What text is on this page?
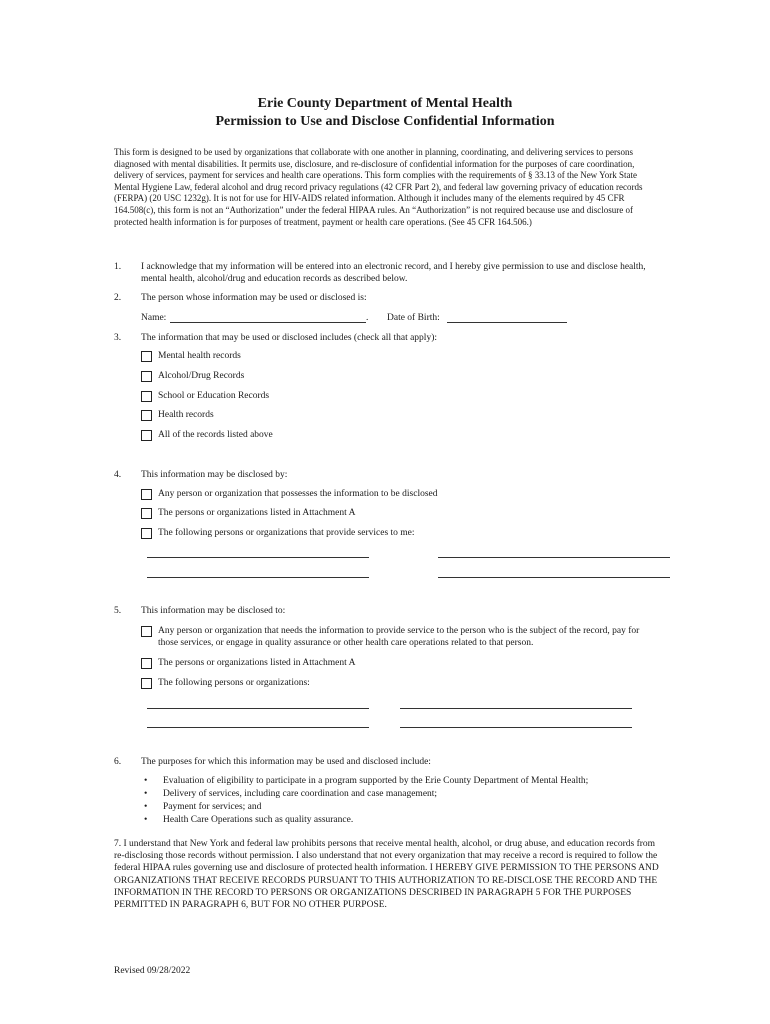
Erie County Department of Mental Health
Permission to Use and Disclose Confidential Information
This form is designed to be used by organizations that collaborate with one another in planning, coordinating, and delivering services to persons diagnosed with mental disabilities. It permits use, disclosure, and re-disclosure of confidential information for the purposes of care coordination, delivery of services, payment for services and health care operations. This form complies with the requirements of § 33.13 of the New York State Mental Hygiene Law, federal alcohol and drug record privacy regulations (42 CFR Part 2), and federal law governing privacy of education records (FERPA) (20 USC 1232g). It is not for use for HIV-AIDS related information. Although it includes many of the elements required by 45 CFR 164.508(c), this form is not an “Authorization” under the federal HIPAA rules. An “Authorization” is not required because use and disclosure of protected health information is for purposes of treatment, payment or health care operations. (See 45 CFR 164.506.)
1. I acknowledge that my information will be entered into an electronic record, and I hereby give permission to use and disclose health, mental health, alcohol/drug and education records as described below.
2. The person whose information may be used or disclosed is:
Name:	. Date of Birth:
3. The information that may be used or disclosed includes (check all that apply):
Mental health records
Alcohol/Drug Records
School or Education Records
Health records
All of the records listed above
4. This information may be disclosed by:
Any person or organization that possesses the information to be disclosed
The persons or organizations listed in Attachment A
The following persons or organizations that provide services to me:
5. This information may be disclosed to:
Any person or organization that needs the information to provide service to the person who is the subject of the record, pay for those services, or engage in quality assurance or other health care operations related to that person.
The persons or organizations listed in Attachment A
The following persons or organizations:
6. The purposes for which this information may be used and disclosed include:
• Evaluation of eligibility to participate in a program supported by the Erie County Department of Mental Health;
• Delivery of services, including care coordination and case management;
• Payment for services; and
• Health Care Operations such as quality assurance.
7. I understand that New York and federal law prohibits persons that receive mental health, alcohol, or drug abuse, and education records from re-disclosing those records without permission. I also understand that not every organization that may receive a record is required to follow the federal HIPAA rules governing use and disclosure of protected health information. I HEREBY GIVE PERMISSION TO THE PERSONS AND ORGANIZATIONS THAT RECEIVE RECORDS PURSUANT TO THIS AUTHORIZATION TO RE-DISCLOSE THE RECORD AND THE INFORMATION IN THE RECORD TO PERSONS OR ORGANIZATIONS DESCRIBED IN PARAGRAPH 5 FOR THE PURPOSES PERMITTED IN PARAGRAPH 6, BUT FOR NO OTHER PURPOSE.
Revised 09/28/2022
